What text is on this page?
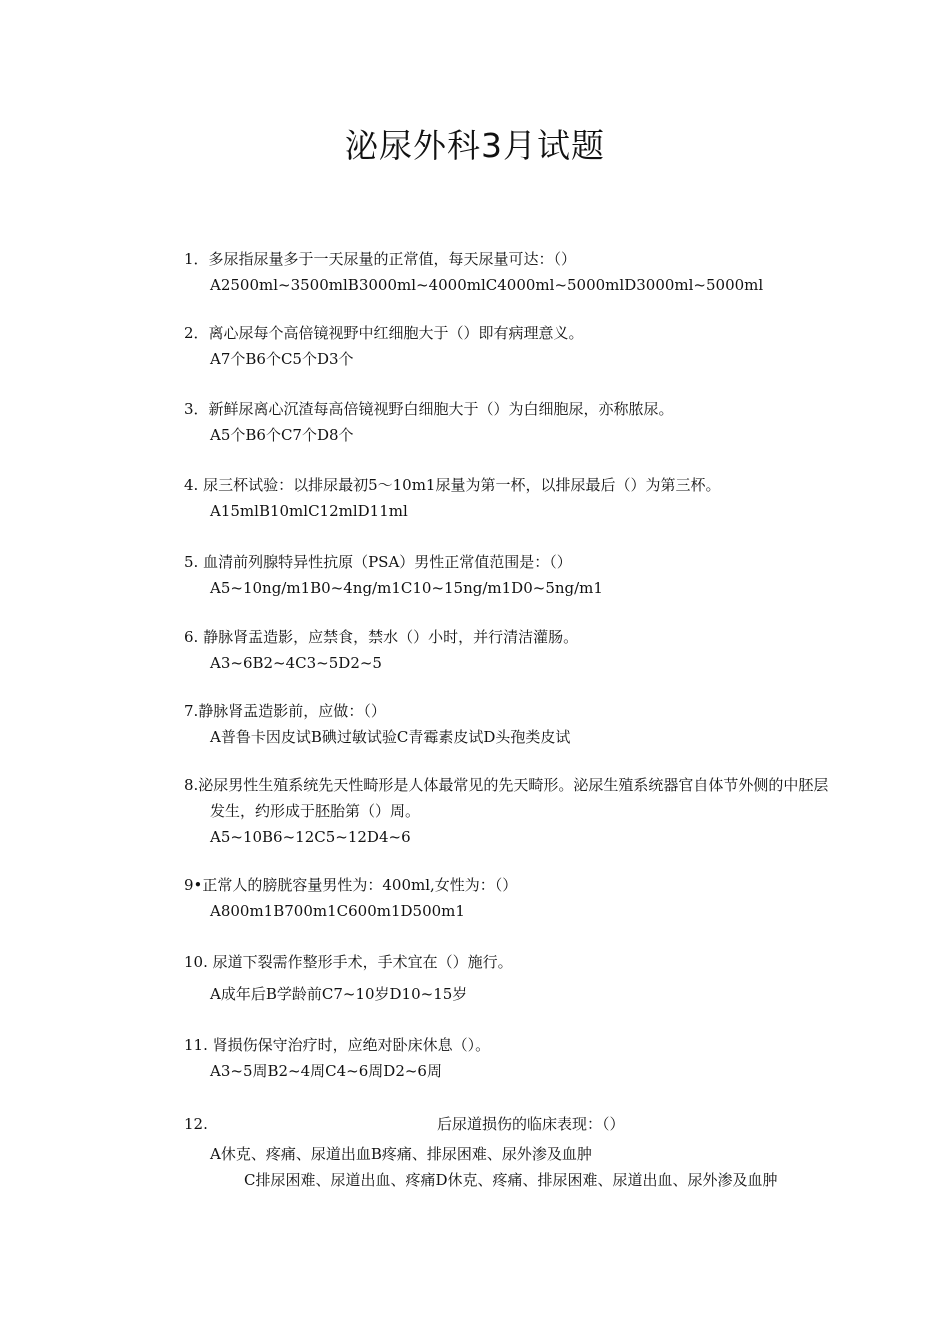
泌尿外科3月试题
1．多尿指尿量多于一天尿量的正常值，每天尿量可达：（）
A2500ml~3500mlB3000ml~4000mlC4000ml~5000mlD3000ml~5000ml
2．离心尿每个高倍镜视野中红细胞大于（）即有病理意义。
A7个B6个C5个D3个
3．新鲜尿离心沉渣每高倍镜视野白细胞大于（）为白细胞尿，亦称脓尿。
A5个B6个C7个D8个
4. 尿三杯试验：以排尿最初5〜10m1尿量为第一杯，以排尿最后（）为第三杯。
A15mlB10mlC12mlD11ml
5. 血清前列腺特异性抗原（PSA）男性正常值范围是：（）
A5~10ng/m1B0~4ng/m1C10~15ng/m1D0~5ng/m1
6. 静脉肾盂造影，应禁食，禁水（）小时，并行清洁灌肠。
A3~6B2~4C3~5D2~5
7.静脉肾盂造影前，应做：（）
A普鲁卡因皮试B碘过敏试验C青霉素皮试D头孢类皮试
8.泌尿男性生殖系统先天性畸形是人体最常见的先天畸形。泌尿生殖系统器官自体节外侧的中胚层
发生，约形成于胚胎第（）周。
A5~10B6~12C5~12D4~6
9•正常人的膀胱容量男性为：400ml,女性为：（）
A800m1B700m1C600m1D500m1
10. 尿道下裂需作整形手术，手术宜在（）施行。
A成年后B学龄前C7~10岁D10~15岁
11. 肾损伤保守治疗时，应绝对卧床休息（）。
A3~5周B2~4周C4~6周D2~6周
12.	后尿道损伤的临床表现：（）
A休克、疼痛、尿道出血B疼痛、排尿困难、尿外渗及血肿
C排尿困难、尿道出血、疼痛D休克、疼痛、排尿困难、尿道出血、尿外渗及血肿
